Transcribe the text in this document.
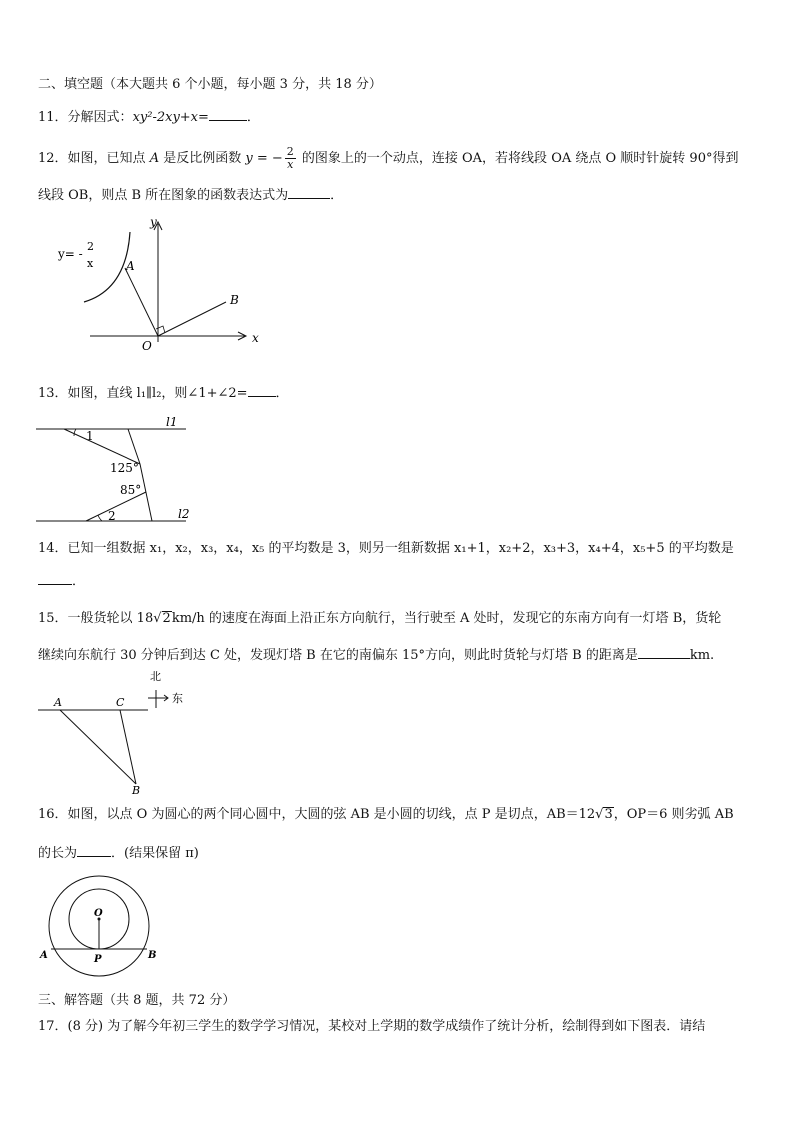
二、填空题（本大题共 6 个小题，每小题 3 分，共 18 分）
11．分解因式：xy²-2xy+x=	．
12．如图，已知点 A 是反比例函数 y = − $\frac{2}{x}$ 的图象上的一个动点，连接 OA，若将线段 OA 绕点 O 顺时针旋转 90°得到
线段 OB，则点 B 所在图象的函数表达式为	．
y
x
O
A
B
y= -
2
x
13．如图，直线 l₁∥l₂，则∠1+∠2= ．
l1
l2
1
2
125°
85°
14．已知一组数据 x₁，x₂，x₃，x₄，x₅ 的平均数是 3，则另一组新数据 x₁+1，x₂+2，x₃+3，x₄+4，x₅+5 的平均数是
．
15．一般货轮以 18√2km/h 的速度在海面上沿正东方向航行，当行驶至 A 处时，发现它的东南方向有一灯塔 B，货轮
继续向东航行 30 分钟后到达 C 处，发现灯塔 B 在它的南偏东 15°方向，则此时货轮与灯塔 B 的距离是	km.
北
东
A	C
B
16．如图，以点 O 为圆心的两个同心圆中，大圆的弦 AB 是小圆的切线，点 P 是切点，AB＝12√3，OP＝6 则劣弧 AB
的长为	．(结果保留 π)
O
P
A	B
三、解答题（共 8 题，共 72 分）
17．(8 分) 为了解今年初三学生的数学学习情况，某校对上学期的数学成绩作了统计分析，绘制得到如下图表．请结
